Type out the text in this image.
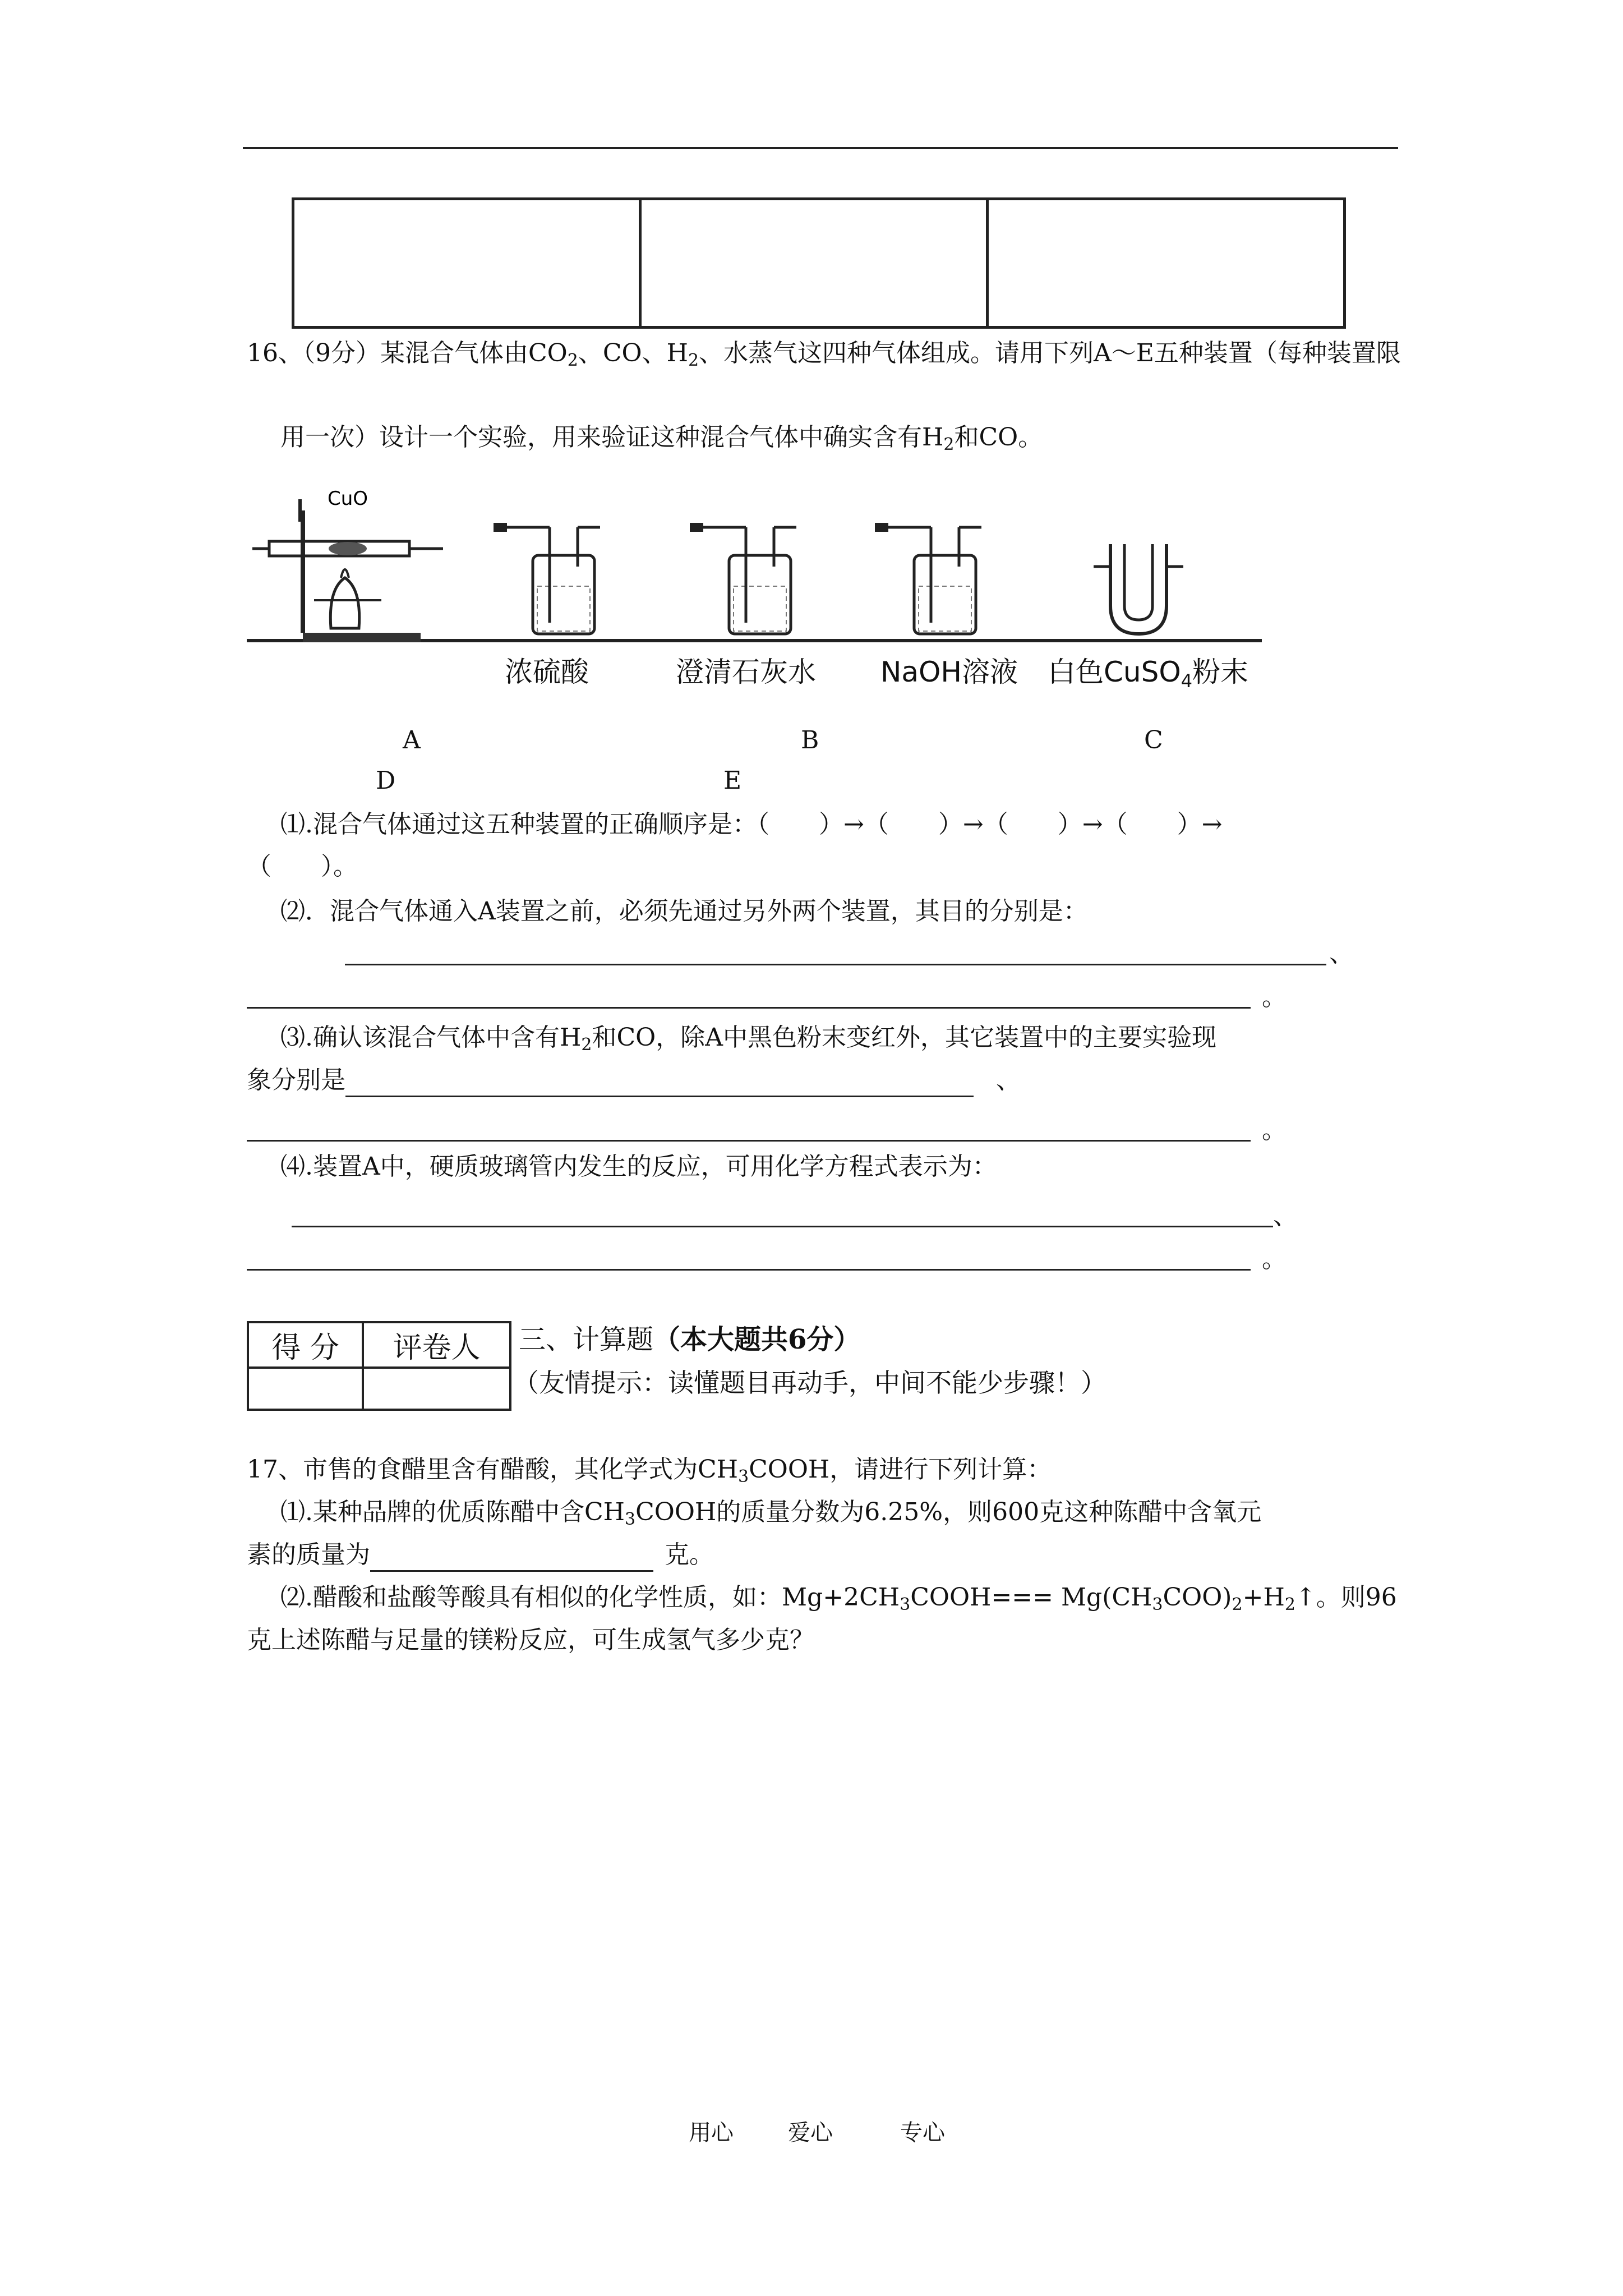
16、（9分）某混合气体由$CO_2$、CO、$H_2$、水蒸气这四种气体组成。请用下列A～E五种装置（每种装置限
用一次）设计一个实验，用来验证这种混合气体中确实含有$H_2$和CO。
CuO
浓硫酸	澄清石灰水 NaOH溶液 白色CuSO$_4$粉末
A	B	C
D	E
⑴.混合气体通过这五种装置的正确顺序是：（　　）→（　　）→（　　）→（　　）→
（　　）。
⑵．混合气体通入A装置之前，必须先通过另外两个装置，其目的分别是：
、
。
⑶.确认该混合气体中含有$H_2$和CO，除A中黑色粉末变红外，其它装置中的主要实验现
象分别是	、
。
⑷.装置A中，硬质玻璃管内发生的反应，可用化学方程式表示为：
、
。
得 分	评卷人
	三、计算题（本大题共6分）
（友情提示：读懂题目再动手，中间不能少步骤！）
17、市售的食醋里含有醋酸，其化学式为$CH_3COOH$，请进行下列计算：
⑴.某种品牌的优质陈醋中含$CH_3COOH$的质量分数为6.25%，则600克这种陈醋中含氧元
素的质量为	克。
⑵.醋酸和盐酸等酸具有相似的化学性质，如：$Mg+2CH_3COOH===$ $Mg(CH_3COO)_2+H_2↑$。则96
克上述陈醋与足量的镁粉反应，可生成氢气多少克？
用心 爱心	专心
